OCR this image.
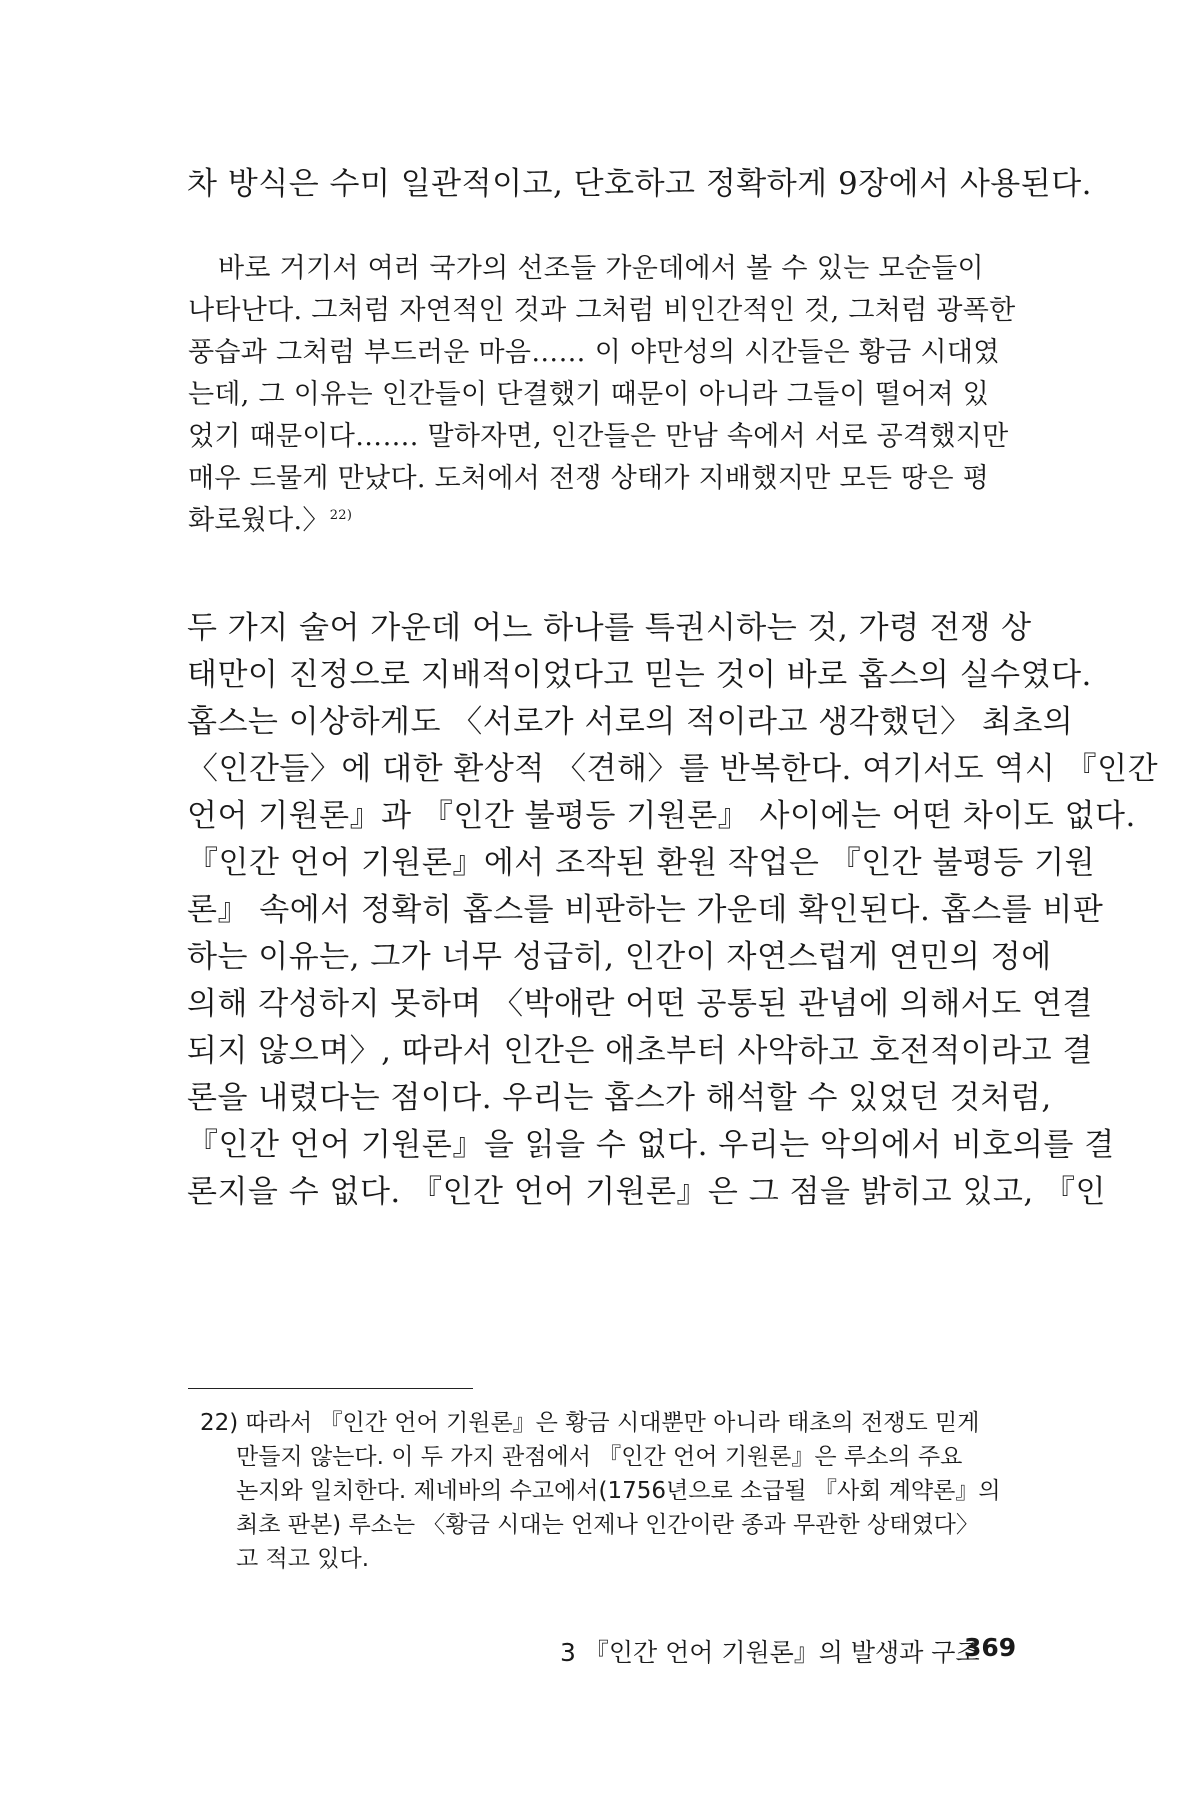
차 방식은 수미 일관적이고, 단호하고 정확하게 9장에서 사용된다.
바로 거기서 여러 국가의 선조들 가운데에서 볼 수 있는 모순들이
나타난다. 그처럼 자연적인 것과 그처럼 비인간적인 것, 그처럼 광폭한
풍습과 그처럼 부드러운 마음…… 이 야만성의 시간들은 황금 시대였
는데, 그 이유는 인간들이 단결했기 때문이 아니라 그들이 떨어져 있
었기 때문이다……. 말하자면, 인간들은 만남 속에서 서로 공격했지만
매우 드물게 만났다. 도처에서 전쟁 상태가 지배했지만 모든 땅은 평
화로웠다.〉$^{22)}$
두 가지 술어 가운데 어느 하나를 특권시하는 것, 가령 전쟁 상
태만이 진정으로 지배적이었다고 믿는 것이 바로 홉스의 실수였다.
홉스는 이상하게도 〈서로가 서로의 적이라고 생각했던〉 최초의
〈인간들〉에 대한 환상적 〈견해〉를 반복한다. 여기서도 역시 『인간
언어 기원론』과 『인간 불평등 기원론』 사이에는 어떤 차이도 없다.
『인간 언어 기원론』에서 조작된 환원 작업은 『인간 불평등 기원
론』 속에서 정확히 홉스를 비판하는 가운데 확인된다. 홉스를 비판
하는 이유는, 그가 너무 성급히, 인간이 자연스럽게 연민의 정에
의해 각성하지 못하며 〈박애란 어떤 공통된 관념에 의해서도 연결
되지 않으며〉, 따라서 인간은 애초부터 사악하고 호전적이라고 결
론을 내렸다는 점이다. 우리는 홉스가 해석할 수 있었던 것처럼,
『인간 언어 기원론』을 읽을 수 없다. 우리는 악의에서 비호의를 결
론지을 수 없다. 『인간 언어 기원론』은 그 점을 밝히고 있고, 『인
22) 따라서 『인간 언어 기원론』은 황금 시대뿐만 아니라 태초의 전쟁도 믿게
만들지 않는다. 이 두 가지 관점에서 『인간 언어 기원론』은 루소의 주요
논지와 일치한다. 제네바의 수고에서(1756년으로 소급될 『사회 계약론』의
최초 판본) 루소는 〈황금 시대는 언제나 인간이란 종과 무관한 상태였다〉
고 적고 있다.
3 『인간 언어 기원론』의 발생과 구조
369
